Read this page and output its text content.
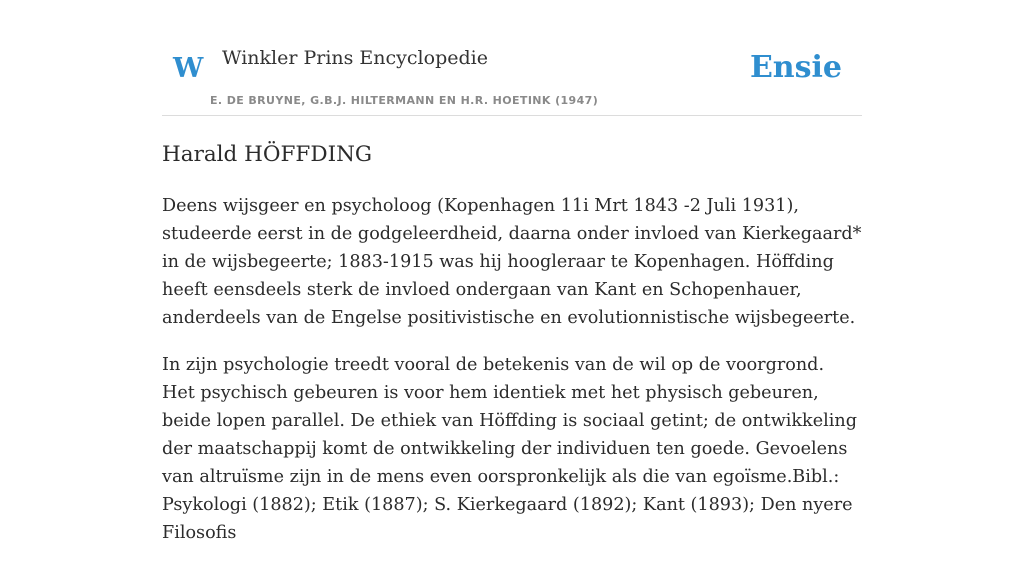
W Winkler Prins Encyclopedie
E. DE BRUYNE, G.B.J. HILTERMANN EN H.R. HOETINK (1947)
Ensie
Harald HÖFFDING

Deens wijsgeer en psycholoog (Kopenhagen 11i Mrt 1843 -2 Juli 1931), studeerde eerst in de godgeleerdheid, daarna onder invloed van Kierkegaard* in de wijsbegeerte; 1883-1915 was hij hoogleraar te Kopenhagen. Höffding heeft eensdeels sterk de invloed ondergaan van Kant en Schopenhauer, anderdeels van de Engelse positivistische en evolutionnistische wijsbegeerte.

In zijn psychologie treedt vooral de betekenis van de wil op de voorgrond. Het psychisch gebeuren is voor hem identiek met het physisch gebeuren, beide lopen parallel. De ethiek van Höffding is sociaal getint; de ontwikkeling der maatschappij komt de ontwikkeling der individuen ten goede. Gevoelens van altruïsme zijn in de mens even oorspronkelijk als die van egoïsme.Bibl.: Psykologi (1882); Etik (1887); S. Kierkegaard (1892); Kant (1893); Den nyere Filosofis
